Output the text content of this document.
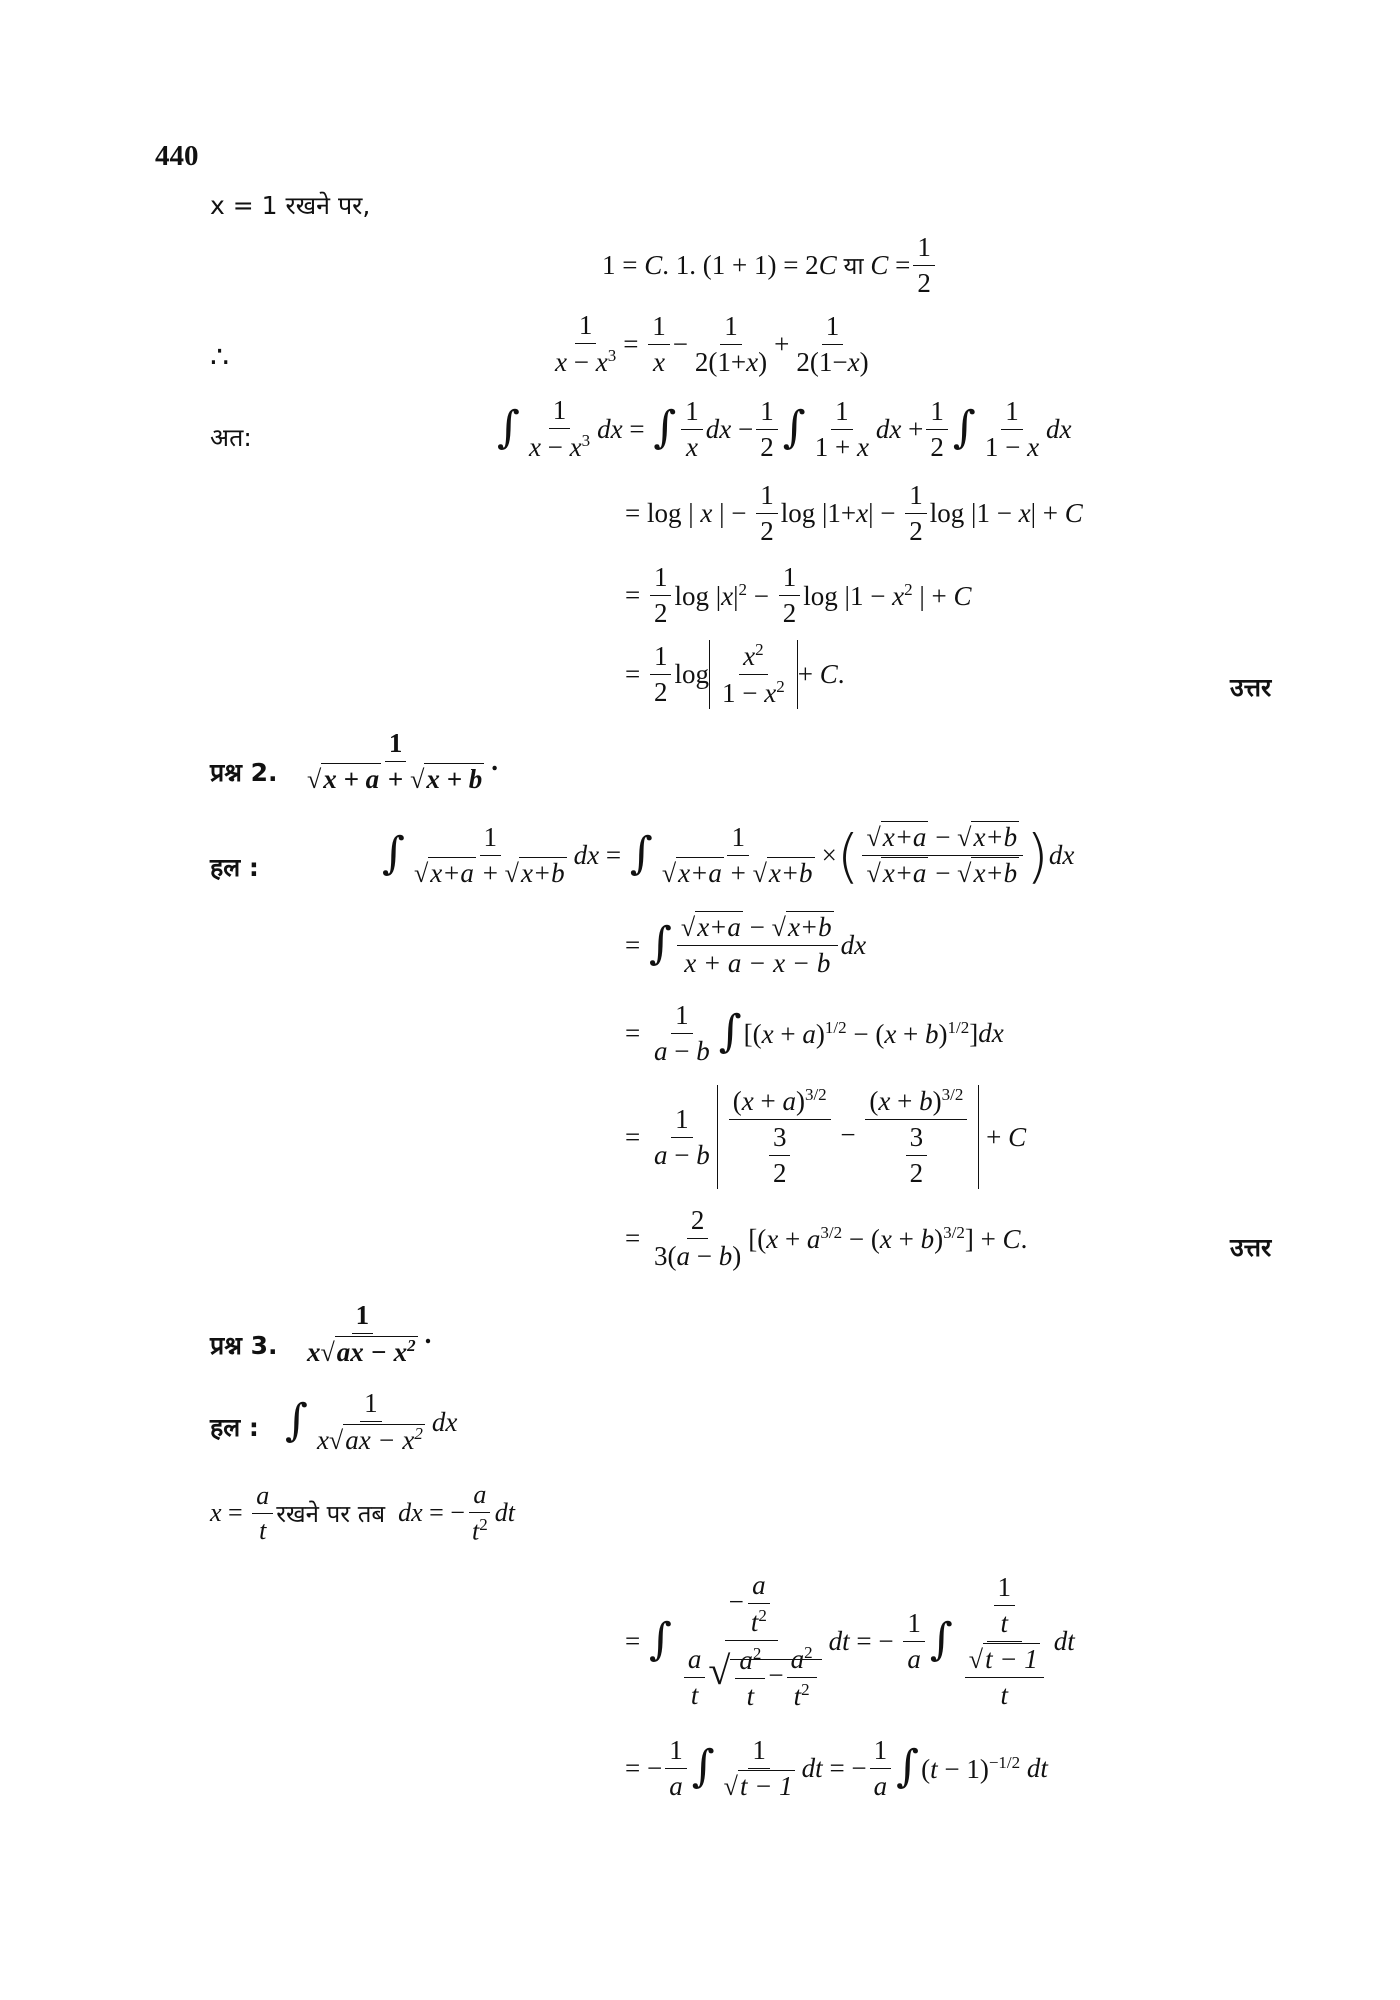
440
x = 1 रखने पर,
1 = C . 1. (1 + 1) = 2 C
या
$C = \frac{1}{2}$
∴	$\frac{1}{x - x^3} = \frac{1}{x} - \frac{1}{2(1+x)} + \frac{1}{2(1-x)}$
अत:	∫ $\frac{1}{x - x^3}$ dx = ∫ $\frac{1}{x}$ dx − $\frac{1}{2}$ ∫ $\frac{1}{1 + x}$ dx + $\frac{1}{2}$ ∫ $\frac{1}{1 - x}$ dx
= log | x | − $\frac{1}{2}$ $\log |1+x| - \frac{1}{2}$ log |1 − x| + C
= $\frac{1}{2}$ $\log |x|^2 - \frac{1}{2}$ $\log |1 - x^2$ | + C
= $\frac{1}{2}$ $\log \frac{x^2}{1 - x^2} + C$.	उत्तर
प्रश्न 2. $\frac{1}{√x + a + √x + b}$ .
हल :	∫ $\frac{1}{√x+a + √x+b}$ dx = ∫ $\frac{1}{√x+a + √x+b}$ × ( $\frac{√x+a - √x+b}{√x+a - √x+b}$ ) dx
= ∫ $\frac{√x+a - √x+b}{x + a - x - b}$ dx
= $\frac{1}{a - b}$ ∫ $[(x + a)^{1/2} - (x + b)^{1/2}]$ dx
= $\frac{1}{a - b} \frac{(x + a)^{3/2}}{\frac{3}{2}} - \frac{(x + b)^{3/2}}{\frac{3}{2}} + C$
= $\frac{2}{3(a - b)} [(x + a^{3/2} - (x + b)^{3/2}] + C$.	उत्तर
प्रश्न 3. $\frac{1}{x√ax - x^2}$ .
हल : ∫ $\frac{1}{x√ax - x^2}$ dx
$x = \frac{a}{t}$ रखने पर तब
dx = − $\frac{a}{t^2}$ dt
= ∫ $\frac{- \frac{a}{t^2}}{\frac{a}{t} √ \frac{a^2}{t} - \frac{a^2}{t^2}}$ dt = − $\frac{1}{a}$ ∫ $\frac{\frac{1}{t}}{\frac{√t - 1}{t}}$ dt
= − $\frac{1}{a}$ ∫ $\frac{1}{√t - 1}$ dt = − $\frac{1}{a}$ ∫ $(t - 1)^{-1/2}$ dt
